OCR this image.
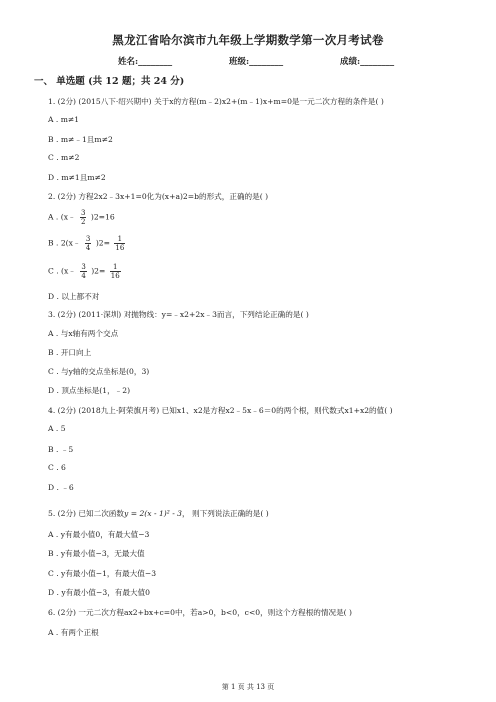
黑龙江省哈尔滨市九年级上学期数学第一次月考试卷
姓名:________	班级:________	成绩:________
一、 单选题 (共 12 题；共 24 分)
1. (2分) (2015八下·绍兴期中) 关于x的方程(m﹣2)x2+(m﹣1)x+m=0是一元二次方程的条件是( )
A . m≠1
B . m≠﹣1且m≠2
C . m≠2
D . m≠1且m≠2
2. (2分) 方程2x2﹣3x+1=0化为(x+a)2=b的形式，正确的是( )
A . (x﹣ $\frac{3}{2} )2=16$
B . 2(x﹣ $\frac{3}{4} )2= \frac{1}{16}$
C . (x﹣ $\frac{3}{4} )2= \frac{1}{16}$
D . 以上都不对
3. (2分) (2011·深圳) 对抛物线：y=﹣x2+2x﹣3而言，下列结论正确的是( )
A . 与x轴有两个交点
B . 开口向上
C . 与y轴的交点坐标是(0，3)
D . 顶点坐标是(1，﹣2)
4. (2分) (2018九上·阿荣旗月考) 已知x1、x2是方程x2﹣5x﹣6＝0的两个根，则代数式x1+x2的值( )
A . 5
B . ﹣5
C . 6
D . ﹣6
5. (2分) 已知二次函数y = 2(x - 1)² - 3， 则下列说法正确的是( )
A . y有最小值0，有最大值−3
B . y有最小值−3，无最大值
C . y有最小值−1，有最大值−3
D . y有最小值−3，有最大值0
6. (2分) 一元二次方程ax2+bx+c=0中，若a>0，b<0，c<0，则这个方程根的情况是( )
A . 有两个正根
第 1 页 共 13 页
